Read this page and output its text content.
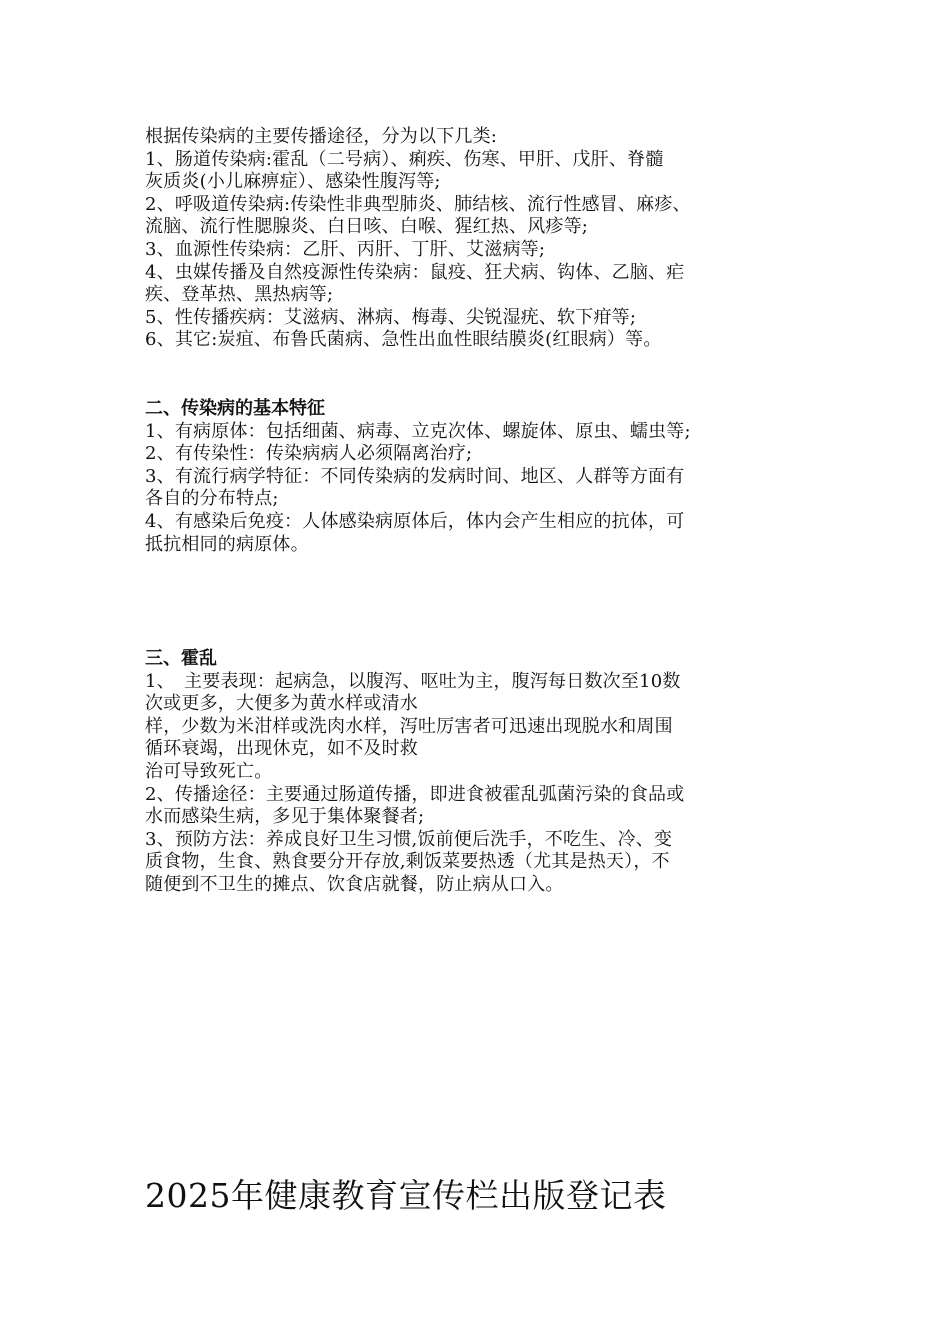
根据传染病的主要传播途径，分为以下几类:
1、肠道传染病:霍乱（二号病）、痢疾、伤寒、甲肝、戊肝、脊髓
灰质炎(小儿麻痹症）、感染性腹泻等;
2、呼吸道传染病:传染性非典型肺炎、肺结核、流行性感冒、麻疹、
流脑、流行性腮腺炎、白日咳、白喉、猩红热、风疹等;
3、血源性传染病：乙肝、丙肝、丁肝、艾滋病等;
4、虫媒传播及自然疫源性传染病：鼠疫、狂犬病、钩体、乙脑、疟
疾、登革热、黑热病等;
5、性传播疾病：艾滋病、淋病、梅毒、尖锐湿疣、软下疳等;
6、其它:炭疽、布鲁氏菌病、急性出血性眼结膜炎(红眼病）等。
二、传染病的基本特征
1、有病原体：包括细菌、病毒、立克次体、螺旋体、原虫、蠕虫等;
2、有传染性：传染病病人必须隔离治疗;
3、有流行病学特征：不同传染病的发病时间、地区、人群等方面有
各自的分布特点;
4、有感染后免疫：人体感染病原体后，体内会产生相应的抗体，可
抵抗相同的病原体。
三、霍乱
1、　主要表现：起病急，以腹泻、呕吐为主，腹泻每日数次至10数
次或更多，大便多为黄水样或清水
样，少数为米泔样或洗肉水样，泻吐厉害者可迅速出现脱水和周围
循环衰竭，出现休克，如不及时救
治可导致死亡。
2、传播途径：主要通过肠道传播，即进食被霍乱弧菌污染的食品或
水而感染生病，多见于集体聚餐者;
3、预防方法：养成良好卫生习惯,饭前便后洗手，不吃生、冷、变
质食物，生食、熟食要分开存放,剩饭菜要热透（尤其是热天），不
随便到不卫生的摊点、饮食店就餐，防止病从口入。
2025年健康教育宣传栏出版登记表
